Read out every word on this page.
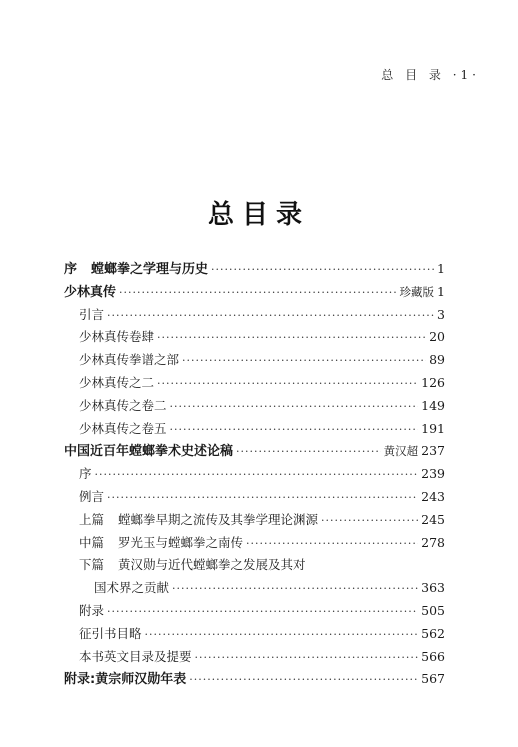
总 目 录 ·1·
总目录
序 螳螂拳之学理与历史 ·····	1
少林真传 ·····	珍藏版 1
引言 ·····	3
少林真传卷肆 ·····	20
少林真传拳谱之部 ·····	89
少林真传之二 ·····	126
少林真传之卷二 ·····	149
少林真传之卷五 ·····	191
中国近百年螳螂拳术史述论稿 ·····	黄汉超 237
序 ·····	239
例言 ·····	243
上篇 螳螂拳早期之流传及其拳学理论渊源 ·····	245
中篇 罗光玉与螳螂拳之南传 ·····	278
下篇 黄汉勋与近代螳螂拳之发展及其对
国术界之贡献 ·····	363
附录 ·····	505
征引书目略 ·····	562
本书英文目录及提要 ·····	566
附录:黄宗师汉勋年表 ·····	567
